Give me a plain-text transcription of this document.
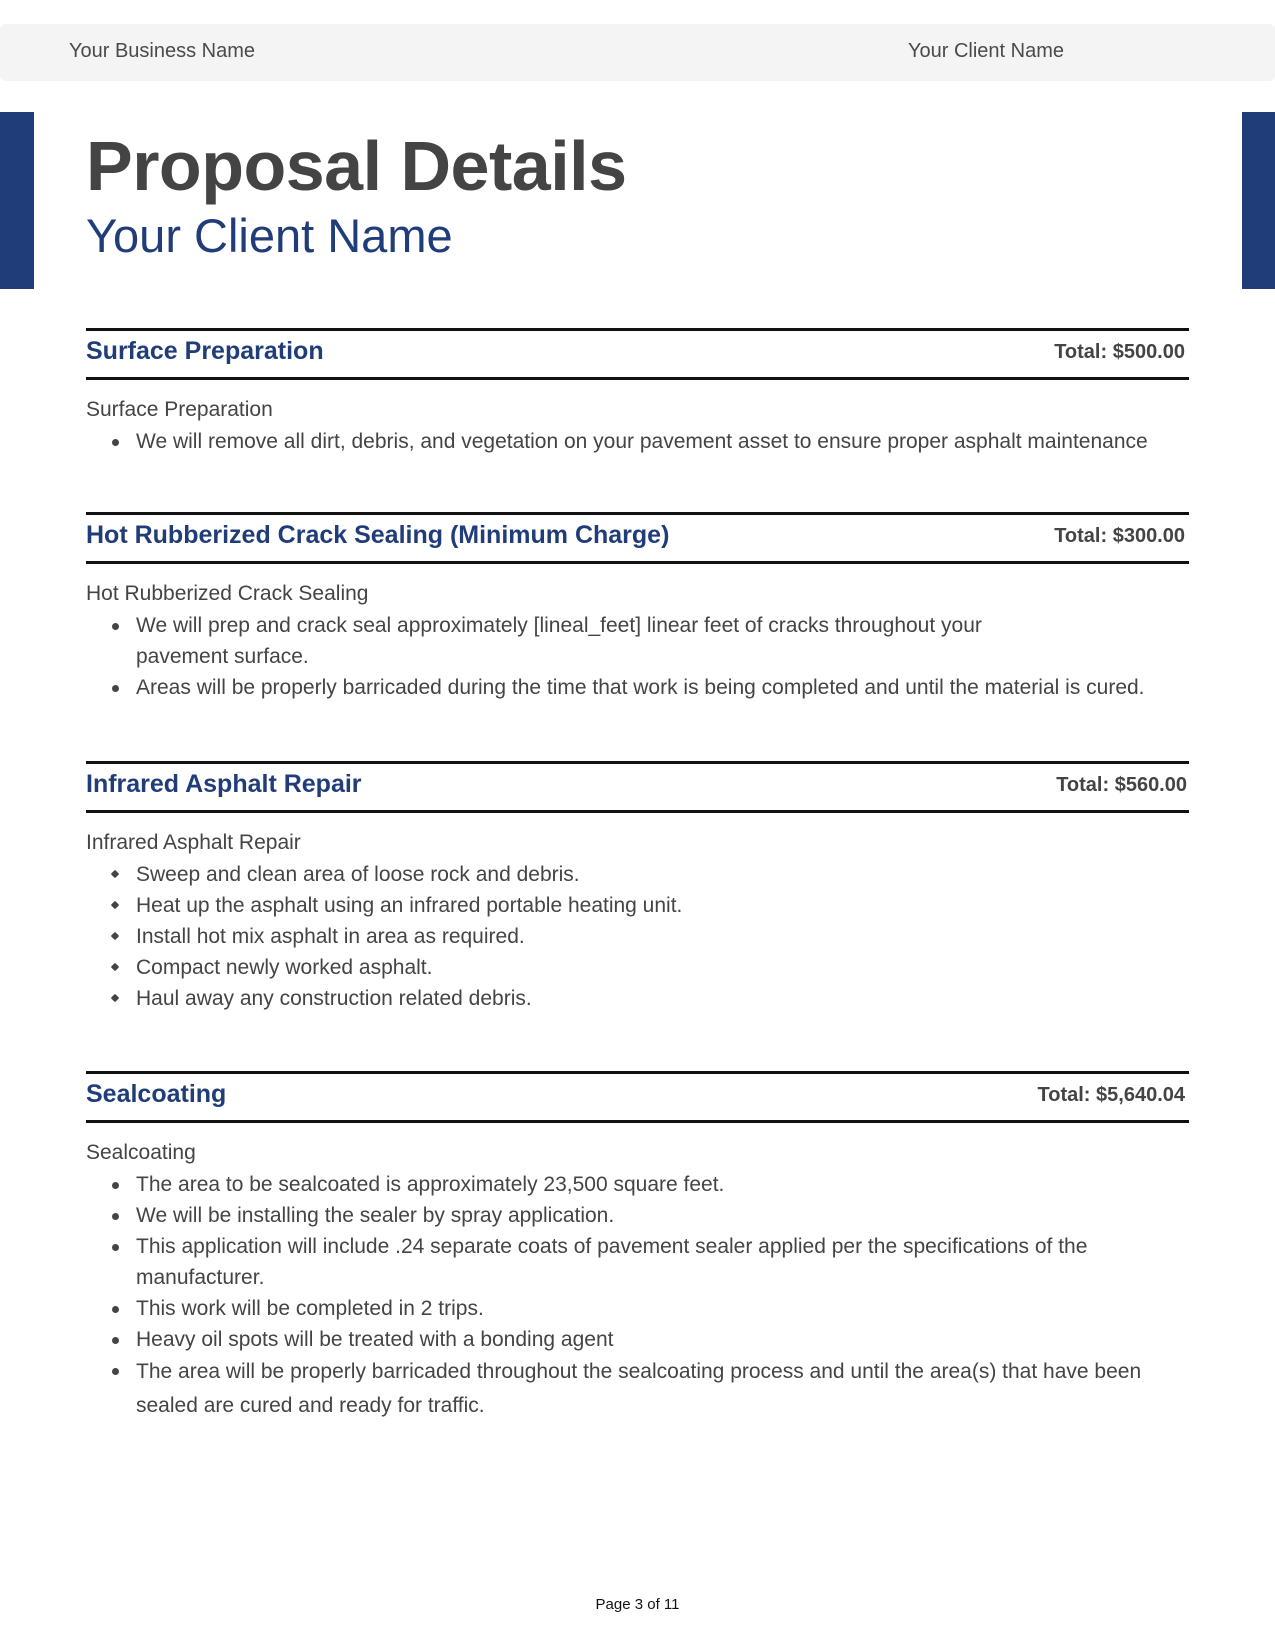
Your Business Name	Your Client Name
Proposal Details
Your Client Name
Surface Preparation	Total: $500.00
Surface Preparation
We will remove all dirt, debris, and vegetation on your pavement asset to ensure proper asphalt maintenance
Hot Rubberized Crack Sealing (Minimum Charge)	Total: $300.00
Hot Rubberized Crack Sealing
We will prep and crack seal approximately [lineal_feet] linear feet of cracks throughout your pavement surface.
Areas will be properly barricaded during the time that work is being completed and until the material is cured.
Infrared Asphalt Repair	Total: $560.00
Infrared Asphalt Repair
Sweep and clean area of loose rock and debris.
Heat up the asphalt using an infrared portable heating unit.
Install hot mix asphalt in area as required.
Compact newly worked asphalt.
Haul away any construction related debris.
Sealcoating	Total: $5,640.04
Sealcoating
The area to be sealcoated is approximately 23,500 square feet.
We will be installing the sealer by spray application.
This application will include .24 separate coats of pavement sealer applied per the specifications of the manufacturer.
This work will be completed in 2 trips.
Heavy oil spots will be treated with a bonding agent
The area will be properly barricaded throughout the sealcoating process and until the area(s) that have been sealed are cured and ready for traffic.
Page 3 of 11
